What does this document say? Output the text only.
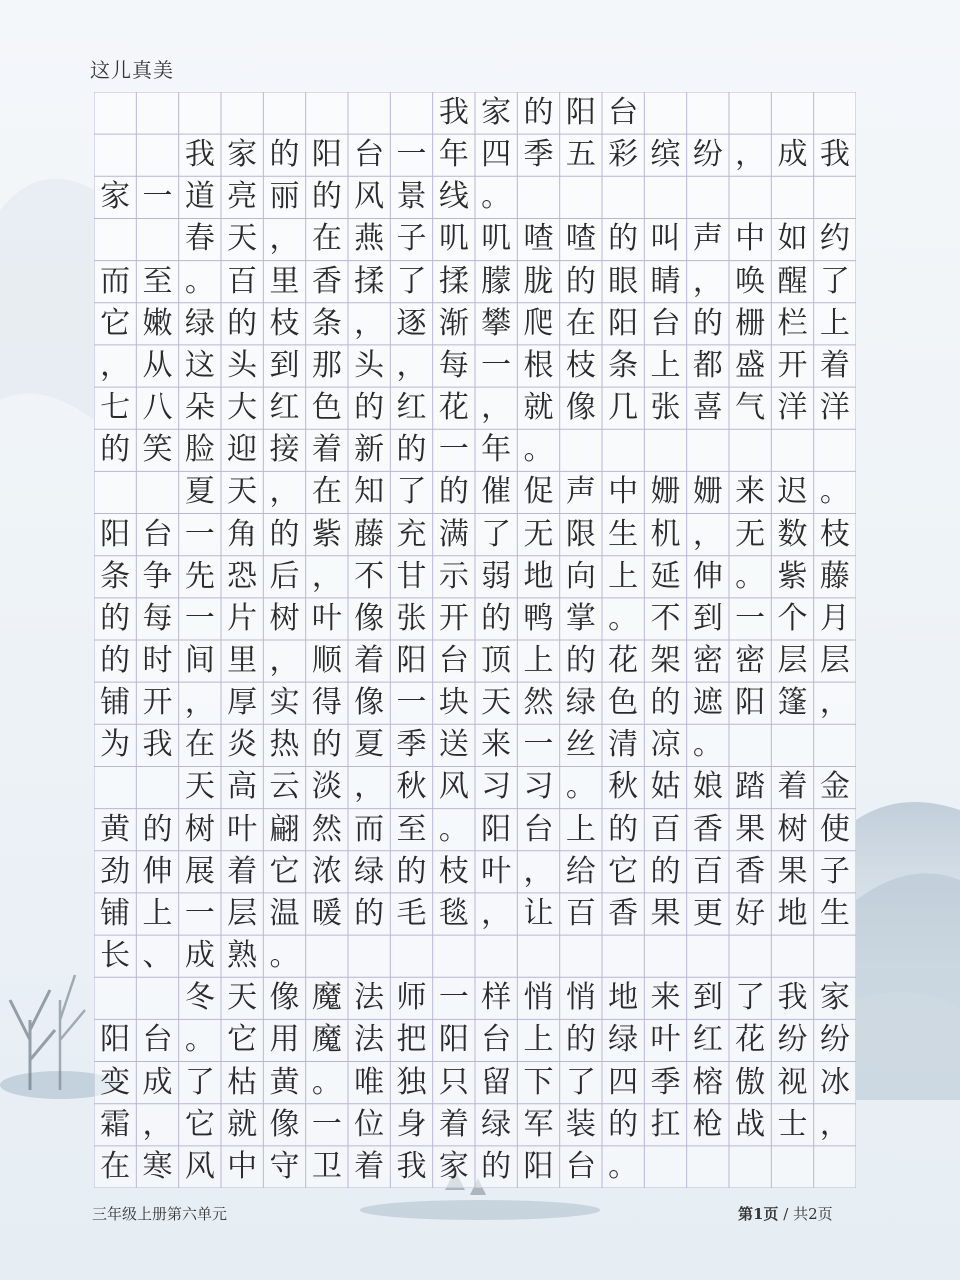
这儿真美
我 家 的 阳 台
我 家 的 阳 台 一 年 四 季 五 彩 缤 纷 ， 成 我
家 一 道 亮 丽 的 风 景 线 。
春 天 ， 在 燕 子 叽 叽 喳 喳 的 叫 声 中 如 约
而 至 。 百 里 香 揉 了 揉 朦 胧 的 眼 睛 ， 唤 醒 了
它 嫩 绿 的 枝 条 ， 逐 渐 攀 爬 在 阳 台 的 栅 栏 上
， 从 这 头 到 那 头 ， 每 一 根 枝 条 上 都 盛 开 着
七 八 朵 大 红 色 的 红 花 ， 就 像 几 张 喜 气 洋 洋
的 笑 脸 迎 接 着 新 的 一 年 。
夏 天 ， 在 知 了 的 催 促 声 中 姗 姗 来 迟 。
阳 台 一 角 的 紫 藤 充 满 了 无 限 生 机 ， 无 数 枝
条 争 先 恐 后 ， 不 甘 示 弱 地 向 上 延 伸 。 紫 藤
的 每 一 片 树 叶 像 张 开 的 鸭 掌 。 不 到 一 个 月
的 时 间 里 ， 顺 着 阳 台 顶 上 的 花 架 密 密 层 层
铺 开 ， 厚 实 得 像 一 块 天 然 绿 色 的 遮 阳 篷 ，
为 我 在 炎 热 的 夏 季 送 来 一 丝 清 凉 。
天 高 云 淡 ， 秋 风 习 习 。 秋 姑 娘 踏 着 金
黄 的 树 叶 翩 然 而 至 。 阳 台 上 的 百 香 果 树 使
劲 伸 展 着 它 浓 绿 的 枝 叶 ， 给 它 的 百 香 果 子
铺 上 一 层 温 暖 的 毛 毯 ， 让 百 香 果 更 好 地 生
长 、 成 熟 。
冬 天 像 魔 法 师 一 样 悄 悄 地 来 到 了 我 家
阳 台 。 它 用 魔 法 把 阳 台 上 的 绿 叶 红 花 纷 纷
变 成 了 枯 黄 。 唯 独 只 留 下 了 四 季 榕 傲 视 冰
霜 ， 它 就 像 一 位 身 着 绿 军 装 的 扛 枪 战 士 ，
在 寒 风 中 守 卫 着 我 家 的 阳 台 。
三年级上册第六单元	第1页 / 共2页
